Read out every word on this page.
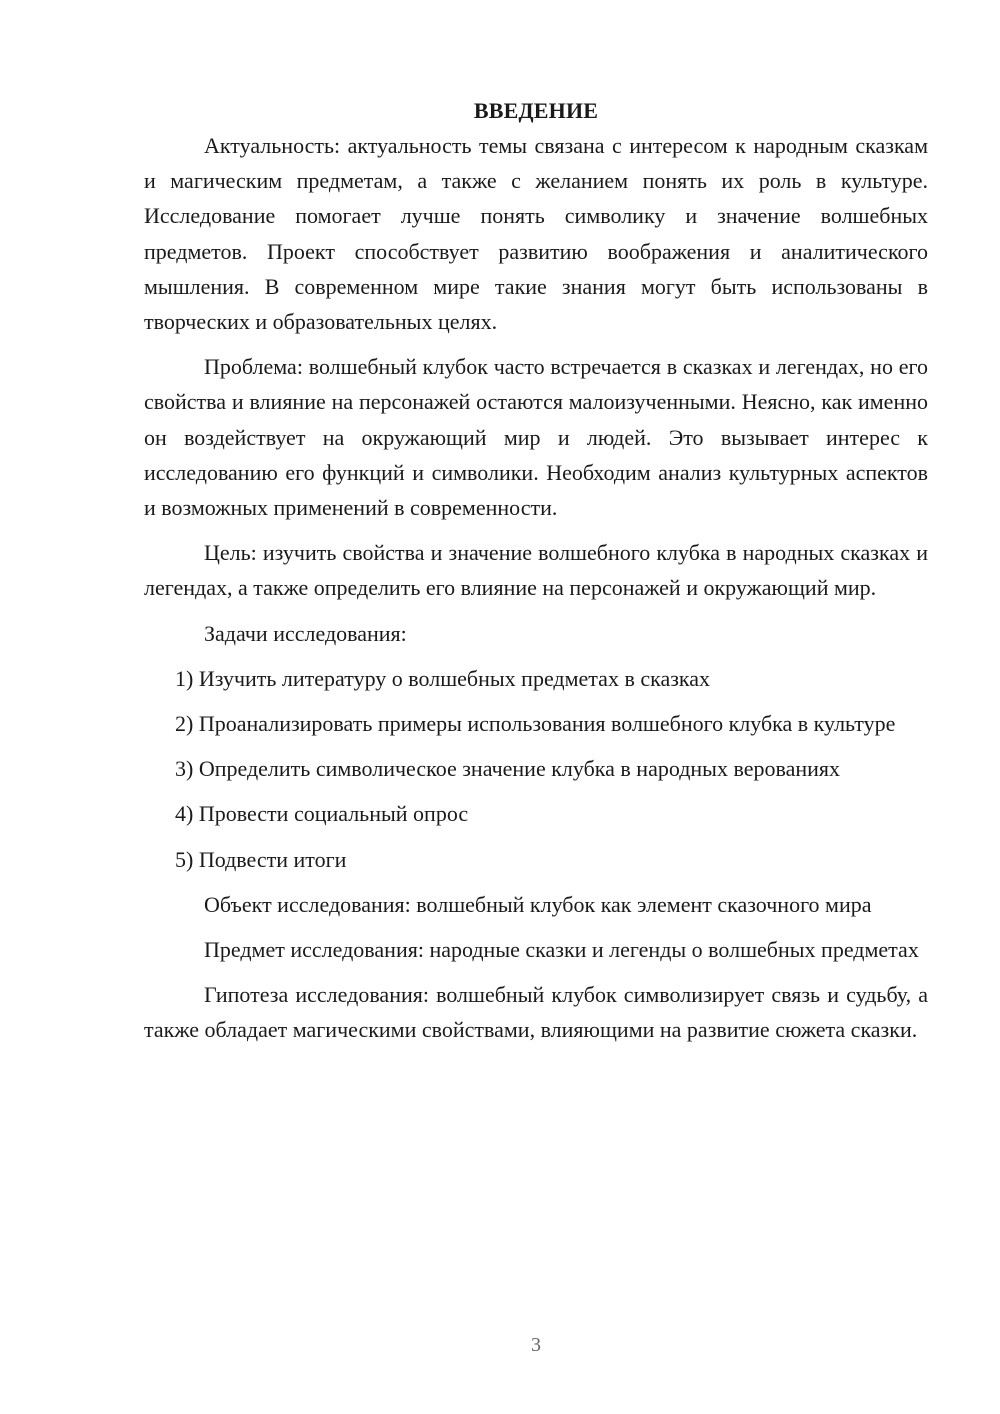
ВВЕДЕНИЕ

Актуальность: актуальность темы связана с интересом к народным сказкам и магическим предметам, а также с желанием понять их роль в культуре. Исследование помогает лучше понять символику и значение волшебных предметов. Проект способствует развитию воображения и аналитического мышления. В современном мире такие знания могут быть использованы в творческих и образовательных целях.

Проблема: волшебный клубок часто встречается в сказках и легендах, но его свойства и влияние на персонажей остаются малоизученными. Неясно, как именно он воздействует на окружающий мир и людей. Это вызывает интерес к исследованию его функций и символики. Необходим анализ культурных аспектов и возможных применений в современности.

Цель: изучить свойства и значение волшебного клубка в народных сказках и легендах, а также определить его влияние на персонажей и окружающий мир.

Задачи исследования:

1) Изучить литературу о волшебных предметах в сказках

2) Проанализировать примеры использования волшебного клубка в культуре

3) Определить символическое значение клубка в народных верованиях

4) Провести социальный опрос

5) Подвести итоги

Объект исследования: волшебный клубок как элемент сказочного мира

Предмет исследования: народные сказки и легенды о волшебных предметах

Гипотеза исследования: волшебный клубок символизирует связь и судьбу, а также обладает магическими свойствами, влияющими на развитие сюжета сказки.

3
